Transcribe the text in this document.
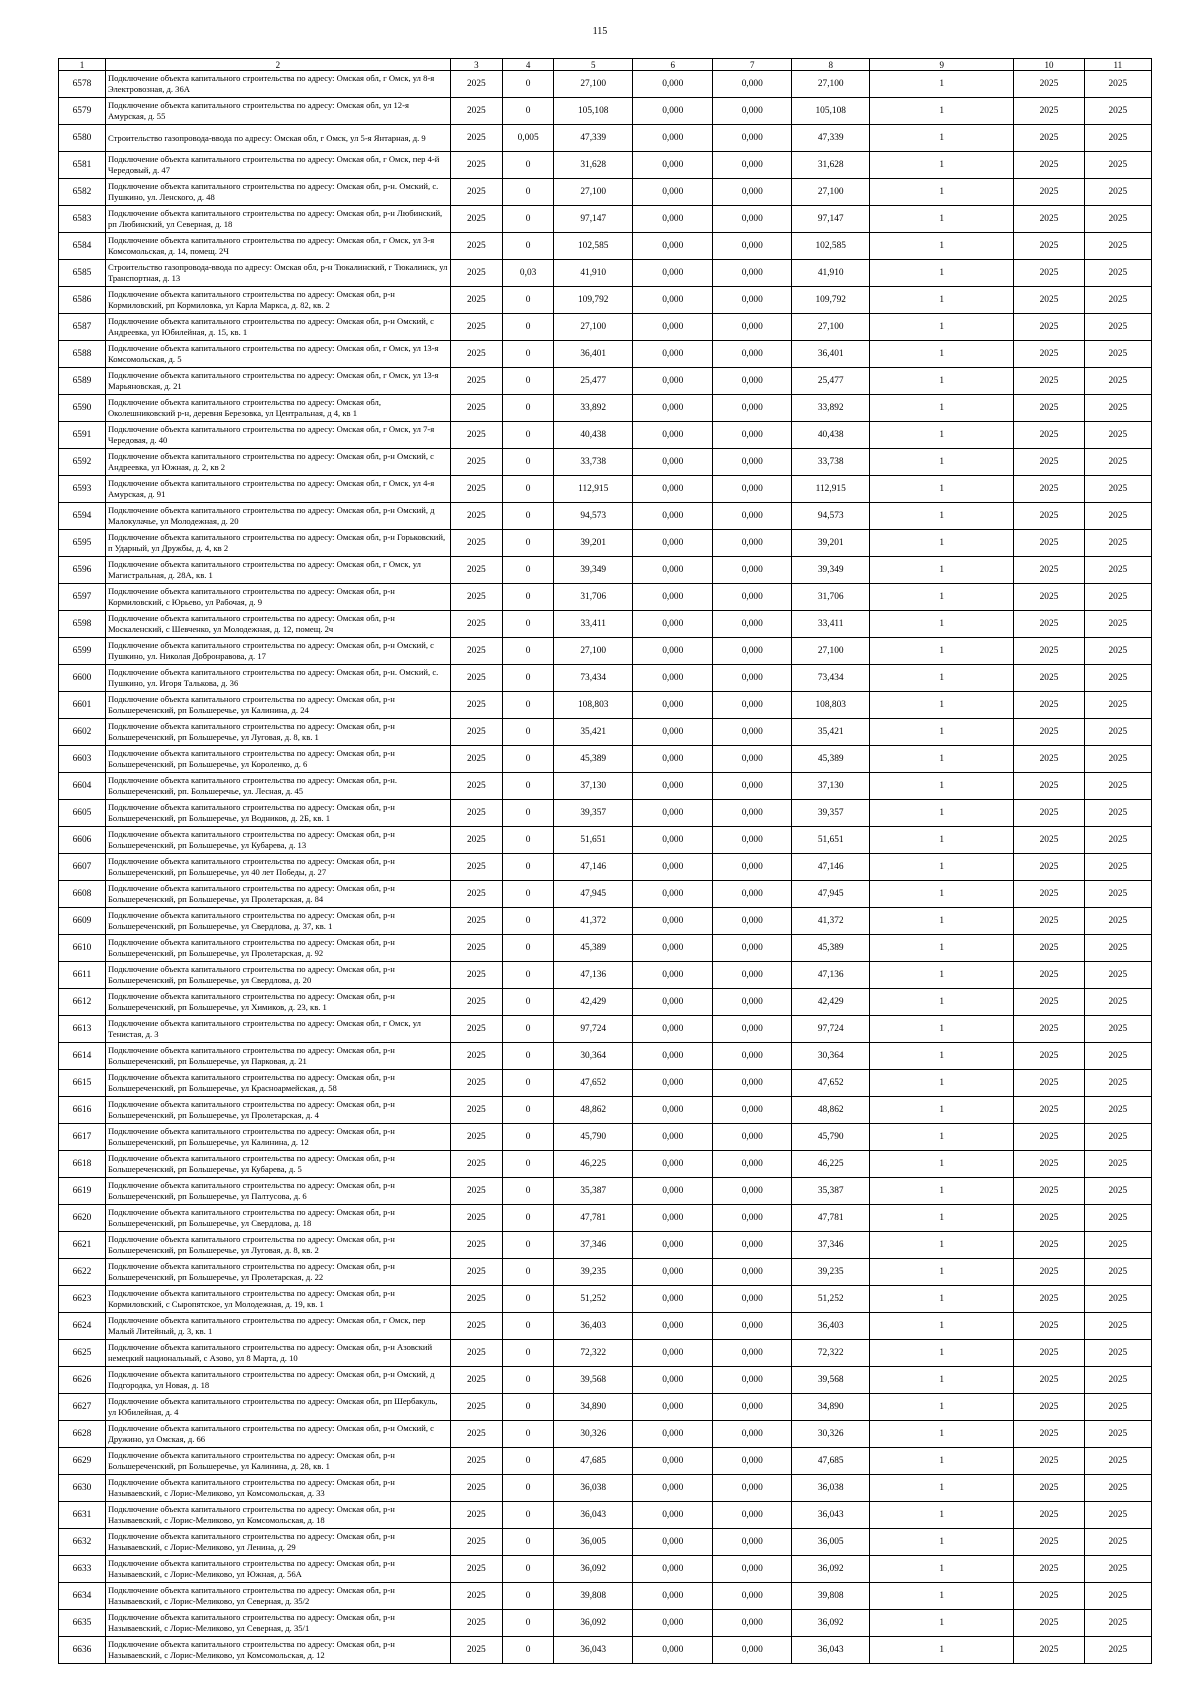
115
1	2	3	4	5	6	7	8	9	10	11
6578	Подключение объекта капитального строительства по адресу: Омская обл, г Омск, ул 8-я Электровозная, д. 36А	2025	0	27,100	0,000	0,000	27,100	1	2025	2025
6579	Подключение объекта капитального строительства по адресу: Омская обл, ул 12-я Амурская, д. 55	2025	0	105,108	0,000	0,000	105,108	1	2025	2025
6580	Строительство газопровода-ввода по адресу: Омская обл, г Омск, ул 5-я Янтарная, д. 9	2025	0,005	47,339	0,000	0,000	47,339	1	2025	2025
6581	Подключение объекта капитального строительства по адресу: Омская обл, г Омск, пер 4-й Чередовый, д. 47	2025	0	31,628	0,000	0,000	31,628	1	2025	2025
6582	Подключение объекта капитального строительства по адресу: Омская обл, р-н. Омский, с. Пушкино, ул. Ленского, д. 48	2025	0	27,100	0,000	0,000	27,100	1	2025	2025
6583	Подключение объекта капитального строительства по адресу: Омская обл, р-н Любинский, рп Любинский, ул Северная, д. 18	2025	0	97,147	0,000	0,000	97,147	1	2025	2025
6584	Подключение объекта капитального строительства по адресу: Омская обл, г Омск, ул 3-я Комсомольская, д. 14, помещ. 2Ч	2025	0	102,585	0,000	0,000	102,585	1	2025	2025
6585	Строительство газопровода-ввода по адресу: Омская обл, р-н Тюкалинский, г Тюкалинск, ул Транспортная, д. 13	2025	0,03	41,910	0,000	0,000	41,910	1	2025	2025
6586	Подключение объекта капитального строительства по адресу: Омская обл, р-н Кормиловский, рп Кормиловка, ул Карла Маркса, д. 82, кв. 2	2025	0	109,792	0,000	0,000	109,792	1	2025	2025
6587	Подключение объекта капитального строительства по адресу: Омская обл, р-н Омский, с Андреевка, ул Юбилейная, д. 15, кв. 1	2025	0	27,100	0,000	0,000	27,100	1	2025	2025
6588	Подключение объекта капитального строительства по адресу: Омская обл, г Омск, ул 13-я Комсомольская, д. 5	2025	0	36,401	0,000	0,000	36,401	1	2025	2025
6589	Подключение объекта капитального строительства по адресу: Омская обл, г Омск, ул 13-я Марьяновская, д. 21	2025	0	25,477	0,000	0,000	25,477	1	2025	2025
6590	Подключение объекта капитального строительства по адресу: Омская обл, Околешниковский р-н, деревня Березовка, ул Центральная, д 4, кв 1	2025	0	33,892	0,000	0,000	33,892	1	2025	2025
6591	Подключение объекта капитального строительства по адресу: Омская обл, г Омск, ул 7-я Чередовая, д. 40	2025	0	40,438	0,000	0,000	40,438	1	2025	2025
6592	Подключение объекта капитального строительства по адресу: Омская обл, р-н Омский, с Андреевка, ул Южная, д. 2, кв 2	2025	0	33,738	0,000	0,000	33,738	1	2025	2025
6593	Подключение объекта капитального строительства по адресу: Омская обл, г Омск, ул 4-я Амурская, д. 91	2025	0	112,915	0,000	0,000	112,915	1	2025	2025
6594	Подключение объекта капитального строительства по адресу: Омская обл, р-н Омский, д Малокулачье, ул Молодежная, д. 20	2025	0	94,573	0,000	0,000	94,573	1	2025	2025
6595	Подключение объекта капитального строительства по адресу: Омская обл, р-н Горьковский, п Ударный, ул Дружбы, д. 4, кв 2	2025	0	39,201	0,000	0,000	39,201	1	2025	2025
6596	Подключение объекта капитального строительства по адресу: Омская обл, г Омск, ул Магистральная, д. 28А, кв. 1	2025	0	39,349	0,000	0,000	39,349	1	2025	2025
6597	Подключение объекта капитального строительства по адресу: Омская обл, р-н Кормиловский, с Юрьево, ул Рабочая, д. 9	2025	0	31,706	0,000	0,000	31,706	1	2025	2025
6598	Подключение объекта капитального строительства по адресу: Омская обл, р-н Москаленский, с Шевченко, ул Молодежная, д. 12, помещ. 2ч	2025	0	33,411	0,000	0,000	33,411	1	2025	2025
6599	Подключение объекта капитального строительства по адресу: Омская обл, р-н Омский, с Пушкино, ул. Николая Добронравова, д. 17	2025	0	27,100	0,000	0,000	27,100	1	2025	2025
6600	Подключение объекта капитального строительства по адресу: Омская обл, р-н. Омский, с. Пушкино, ул. Игоря Талькова, д. 36	2025	0	73,434	0,000	0,000	73,434	1	2025	2025
6601	Подключение объекта капитального строительства по адресу: Омская обл, р-н Большереченский, рп Большеречье, ул Калинина, д. 24	2025	0	108,803	0,000	0,000	108,803	1	2025	2025
6602	Подключение объекта капитального строительства по адресу: Омская обл, р-н Большереченский, рп Большеречье, ул Луговая, д. 8, кв. 1	2025	0	35,421	0,000	0,000	35,421	1	2025	2025
6603	Подключение объекта капитального строительства по адресу: Омская обл, р-н Большереченский, рп Большеречье, ул Короленко, д. 6	2025	0	45,389	0,000	0,000	45,389	1	2025	2025
6604	Подключение объекта капитального строительства по адресу: Омская обл, р-н. Большереченский, рп. Большеречье, ул. Лесная, д. 45	2025	0	37,130	0,000	0,000	37,130	1	2025	2025
6605	Подключение объекта капитального строительства по адресу: Омская обл, р-н Большереченский, рп Большеречье, ул Водников, д. 2Б, кв. 1	2025	0	39,357	0,000	0,000	39,357	1	2025	2025
6606	Подключение объекта капитального строительства по адресу: Омская обл, р-н Большереченский, рп Большеречье, ул Кубарева, д. 13	2025	0	51,651	0,000	0,000	51,651	1	2025	2025
6607	Подключение объекта капитального строительства по адресу: Омская обл, р-н Большереченский, рп Большеречье, ул 40 лет Победы, д. 27	2025	0	47,146	0,000	0,000	47,146	1	2025	2025
6608	Подключение объекта капитального строительства по адресу: Омская обл, р-н Большереченский, рп Большеречье, ул Пролетарская, д. 84	2025	0	47,945	0,000	0,000	47,945	1	2025	2025
6609	Подключение объекта капитального строительства по адресу: Омская обл, р-н Большереченский, рп Большеречье, ул Свердлова, д. 37, кв. 1	2025	0	41,372	0,000	0,000	41,372	1	2025	2025
6610	Подключение объекта капитального строительства по адресу: Омская обл, р-н Большереченский, рп Большеречье, ул Пролетарская, д. 92	2025	0	45,389	0,000	0,000	45,389	1	2025	2025
6611	Подключение объекта капитального строительства по адресу: Омская обл, р-н Большереченский, рп Большеречье, ул Свердлова, д. 20	2025	0	47,136	0,000	0,000	47,136	1	2025	2025
6612	Подключение объекта капитального строительства по адресу: Омская обл, р-н Большереченский, рп Большеречье, ул Химиков, д. 23, кв. 1	2025	0	42,429	0,000	0,000	42,429	1	2025	2025
6613	Подключение объекта капитального строительства по адресу: Омская обл, г Омск, ул Тенистая, д. 3	2025	0	97,724	0,000	0,000	97,724	1	2025	2025
6614	Подключение объекта капитального строительства по адресу: Омская обл, р-н Большереченский, рп Большеречье, ул Парковая, д. 21	2025	0	30,364	0,000	0,000	30,364	1	2025	2025
6615	Подключение объекта капитального строительства по адресу: Омская обл, р-н Большереченский, рп Большеречье, ул Красноармейская, д. 58	2025	0	47,652	0,000	0,000	47,652	1	2025	2025
6616	Подключение объекта капитального строительства по адресу: Омская обл, р-н Большереченский, рп Большеречье, ул Пролетарская, д. 4	2025	0	48,862	0,000	0,000	48,862	1	2025	2025
6617	Подключение объекта капитального строительства по адресу: Омская обл, р-н Большереченский, рп Большеречье, ул Калинина, д. 12	2025	0	45,790	0,000	0,000	45,790	1	2025	2025
6618	Подключение объекта капитального строительства по адресу: Омская обл, р-н Большереченский, рп Большеречье, ул Кубарева, д. 5	2025	0	46,225	0,000	0,000	46,225	1	2025	2025
6619	Подключение объекта капитального строительства по адресу: Омская обл, р-н Большереченский, рп Большеречье, ул Палтусова, д. 6	2025	0	35,387	0,000	0,000	35,387	1	2025	2025
6620	Подключение объекта капитального строительства по адресу: Омская обл, р-н Большереченский, рп Большеречье, ул Свердлова, д. 18	2025	0	47,781	0,000	0,000	47,781	1	2025	2025
6621	Подключение объекта капитального строительства по адресу: Омская обл, р-н Большереченский, рп Большеречье, ул Луговая, д. 8, кв. 2	2025	0	37,346	0,000	0,000	37,346	1	2025	2025
6622	Подключение объекта капитального строительства по адресу: Омская обл, р-н Большереченский, рп Большеречье, ул Пролетарская, д. 22	2025	0	39,235	0,000	0,000	39,235	1	2025	2025
6623	Подключение объекта капитального строительства по адресу: Омская обл, р-н Кормиловский, с Сыропятское, ул Молодежная, д. 19, кв. 1	2025	0	51,252	0,000	0,000	51,252	1	2025	2025
6624	Подключение объекта капитального строительства по адресу: Омская обл, г Омск, пер Малый Литейный, д. 3, кв. 1	2025	0	36,403	0,000	0,000	36,403	1	2025	2025
6625	Подключение объекта капитального строительства по адресу: Омская обл, р-н Азовский немецкий национальный, с Азово, ул 8 Марта, д. 10	2025	0	72,322	0,000	0,000	72,322	1	2025	2025
6626	Подключение объекта капитального строительства по адресу: Омская обл, р-н Омский, д Подгородка, ул Новая, д. 18	2025	0	39,568	0,000	0,000	39,568	1	2025	2025
6627	Подключение объекта капитального строительства по адресу: Омская обл, рп Шербакуль, ул Юбилейная, д. 4	2025	0	34,890	0,000	0,000	34,890	1	2025	2025
6628	Подключение объекта капитального строительства по адресу: Омская обл, р-н Омский, с Дружино, ул Омская, д. 66	2025	0	30,326	0,000	0,000	30,326	1	2025	2025
6629	Подключение объекта капитального строительства по адресу: Омская обл, р-н Большереченский, рп Большеречье, ул Калинина, д. 28, кв. 1	2025	0	47,685	0,000	0,000	47,685	1	2025	2025
6630	Подключение объекта капитального строительства по адресу: Омская обл, р-н Называевский, с Лорис-Меликово, ул Комсомольская, д. 33	2025	0	36,038	0,000	0,000	36,038	1	2025	2025
6631	Подключение объекта капитального строительства по адресу: Омская обл, р-н Называевский, с Лорис-Меликово, ул Комсомольская, д. 18	2025	0	36,043	0,000	0,000	36,043	1	2025	2025
6632	Подключение объекта капитального строительства по адресу: Омская обл, р-н Называевский, с Лорис-Меликово, ул Ленина, д. 29	2025	0	36,005	0,000	0,000	36,005	1	2025	2025
6633	Подключение объекта капитального строительства по адресу: Омская обл, р-н Называевский, с Лорис-Меликово, ул Южная, д. 56А	2025	0	36,092	0,000	0,000	36,092	1	2025	2025
6634	Подключение объекта капитального строительства по адресу: Омская обл, р-н Называевский, с Лорис-Меликово, ул Северная, д. 35/2	2025	0	39,808	0,000	0,000	39,808	1	2025	2025
6635	Подключение объекта капитального строительства по адресу: Омская обл, р-н Называевский, с Лорис-Меликово, ул Северная, д. 35/1	2025	0	36,092	0,000	0,000	36,092	1	2025	2025
6636	Подключение объекта капитального строительства по адресу: Омская обл, р-н Называевский, с Лорис-Меликово, ул Комсомольская, д. 12	2025	0	36,043	0,000	0,000	36,043	1	2025	2025
